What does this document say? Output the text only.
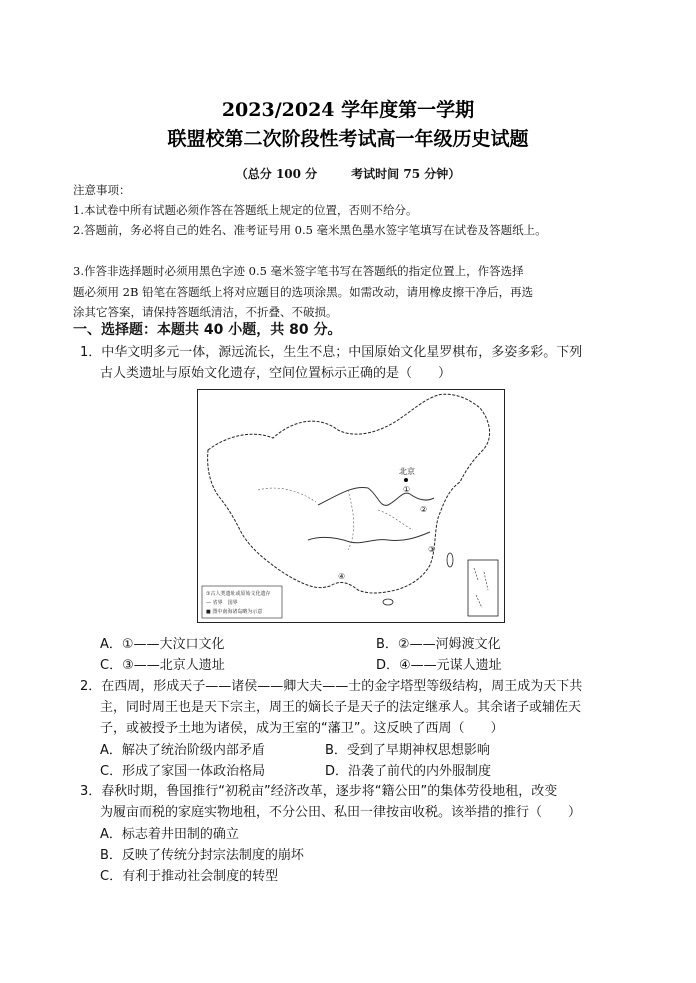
2023/2024 学年度第一学期
联盟校第二次阶段性考试高一年级历史试题
（总分 100 分	考试时间 75 分钟）
注意事项：
1.本试卷中所有试题必须作答在答题纸上规定的位置，否则不给分。
2.答题前，务必将自己的姓名、准考证号用 0.5 毫米黑色墨水签字笔填写在试卷及答题纸上。
3.作答非选择题时必须用黑色字迹 0.5 毫米签字笔书写在答题纸的指定位置上，作答选择
题必须用 2B 铅笔在答题纸上将对应题目的选项涂黑。如需改动，请用橡皮擦干净后，再选
涂其它答案，请保持答题纸清洁，不折叠、不破损。
一、选择题：本题共 40 小题，共 80 分。
1．中华文明多元一体，源远流长，生生不息；中国原始文化星罗棋布，多姿多彩。下列
古人类遗址与原始文化遗存，空间位置标示正确的是（　　）
北京
①
②
③
④
①古人类遗址或原始文化遗存
— 省界　国界
■ 图中南海诸岛略为示意
A．①——大汶口文化	B．②——河姆渡文化
C．③——北京人遗址	D．④——元谋人遗址
2．在西周，形成天子——诸侯——卿大夫——士的金字塔型等级结构，周王成为天下共
主，同时周王也是天下宗主，周王的嫡长子是天子的法定继承人。其余诸子或辅佐天
子，或被授予土地为诸侯，成为王室的“藩卫”。这反映了西周（　　）
A．解决了统治阶级内部矛盾	B．受到了早期神权思想影响
C．形成了家国一体政治格局	D．沿袭了前代的内外服制度
3．春秋时期，鲁国推行“初税亩”经济改革，逐步将“籍公田”的集体劳役地租，改变
为履亩而税的家庭实物地租，不分公田、私田一律按亩收税。该举措的推行（　　）
A．标志着井田制的确立
B．反映了传统分封宗法制度的崩坏
C．有利于推动社会制度的转型
